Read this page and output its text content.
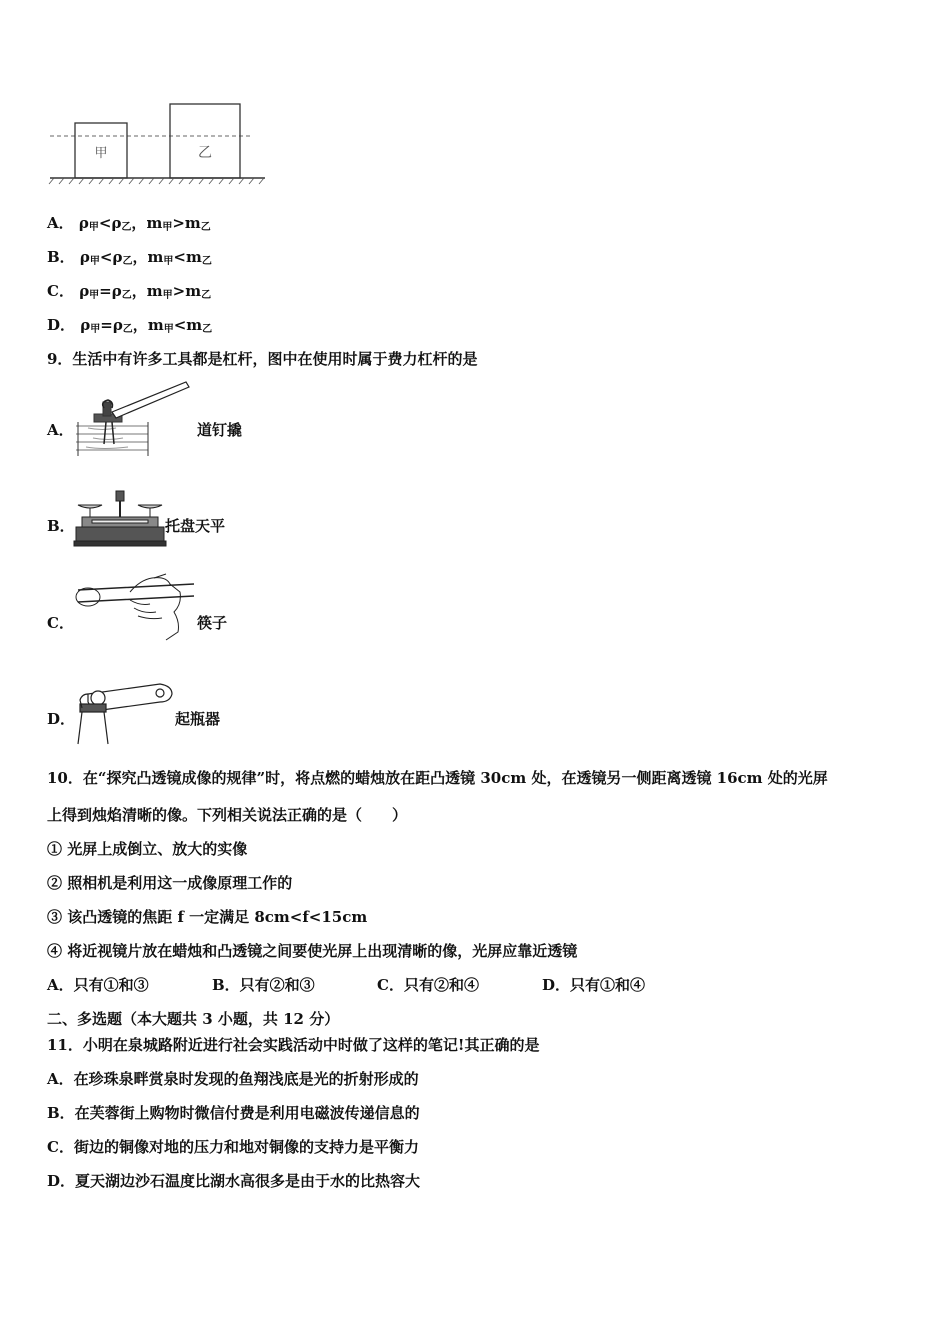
甲	乙
A． $\rho_甲<\rho_乙$，$m_甲>m_乙$
B． $\rho_甲<\rho_乙$，$m_甲<m_乙$
C． $\rho_甲=\rho_乙$，$m_甲>m_乙$
D． $\rho_甲=\rho_乙$，$m_甲<m_乙$
9．生活中有许多工具都是杠杆，图中在使用时属于费力杠杆的是
A．	道钉撬
B．	托盘天平
C．	筷子
D．	起瓶器
10．在“探究凸透镜成像的规律”时，将点燃的蜡烛放在距凸透镜 30cm 处，在透镜另一侧距离透镜 16cm 处的光屏
上得到烛焰清晰的像。下列相关说法正确的是（　　）
① 光屏上成倒立、放大的实像
② 照相机是利用这一成像原理工作的
③ 该凸透镜的焦距 f 一定满足 8cm<f<15cm
④ 将近视镜片放在蜡烛和凸透镜之间要使光屏上出现清晰的像，光屏应靠近透镜
A．只有①和③	B．只有②和③	C．只有②和④	D．只有①和④
二、多选题（本大题共 3 小题，共 12 分）
11．小明在泉城路附近进行社会实践活动中时做了这样的笔记!其正确的是
A．在珍珠泉畔赏泉时发现的鱼翔浅底是光的折射形成的
B．在芙蓉街上购物时微信付费是利用电磁波传递信息的
C．街边的铜像对地的压力和地对铜像的支持力是平衡力
D．夏天湖边沙石温度比湖水高很多是由于水的比热容大
